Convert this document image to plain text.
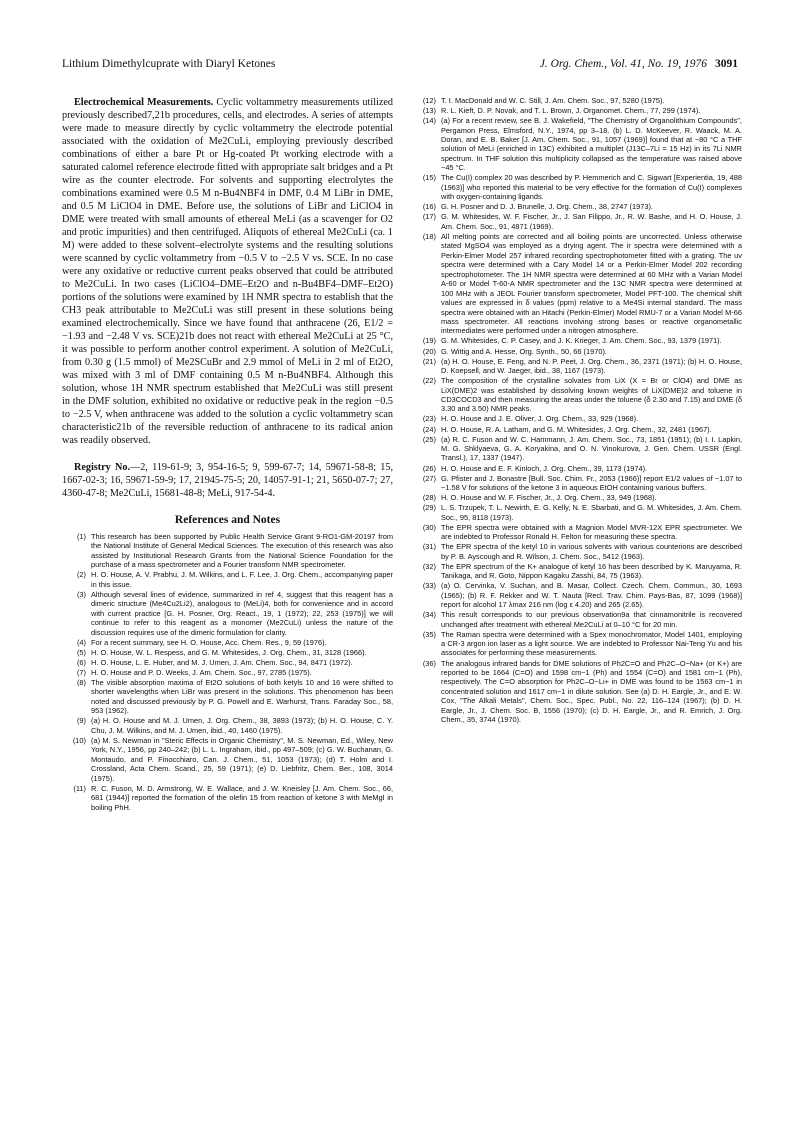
Lithium Dimethylcuprate with Diaryl Ketones	J. Org. Chem., Vol. 41, No. 19, 1976 3091

Electrochemical Measurements. Cyclic voltammetry measurements utilized previously described7,21b procedures, cells, and electrodes. A series of attempts were made to measure directly by cyclic voltammetry the electrode potential associated with the oxidation of Me2CuLi, employing previously described combinations of either a bare Pt or Hg-coated Pt working electrode with a saturated calomel reference electrode fitted with appropriate salt bridges and a Pt wire as the counter electrode. For solvents and supporting electrolytes the combinations examined were 0.5 M n-Bu4NBF4 in DMF, 0.4 M LiBr in DME, and 0.5 M LiClO4 in DME. Before use, the solutions of LiBr and LiClO4 in DME were treated with small amounts of ethereal MeLi (as a scavenger for O2 and protic impurities) and then centrifuged. Aliquots of ethereal Me2CuLi (ca. 1 M) were added to these solvent–electrolyte systems and the resulting solutions were scanned by cyclic voltammetry from −0.5 V to −2.5 V vs. SCE. In no case were any oxidative or reductive current peaks observed that could be attributed to Me2CuLi. In two cases (LiClO4–DME–Et2O and n-Bu4BF4–DMF–Et2O) portions of the solutions were examined by 1H NMR spectra to establish that the CH3 peak attributable to Me2CuLi was still present in these solutions being examined electrochemically. Since we have found that anthracene (26, E1/2 = −1.93 and −2.48 V vs. SCE)21b does not react with ethereal Me2CuLi at 25 °C, it was possible to perform another control experiment. A solution of Me2CuLi, from 0.30 g (1.5 mmol) of Me2SCuBr and 2.9 mmol of MeLi in 2 ml of Et2O, was mixed with 3 ml of DMF containing 0.5 M n-Bu4NBF4. Although this solution, whose 1H NMR spectrum established that Me2CuLi was still present in the DMF solution, exhibited no oxidative or reductive peak in the region −0.5 to −2.5 V, when anthracene was added to the solution a cyclic voltammetry scan characteristic21b of the reversible reduction of anthracene to its radical anion was readily observed.

Registry No.—2, 119-61-9; 3, 954-16-5; 9, 599-67-7; 14, 59671-58-8; 15, 1667-02-3; 16, 59671-59-9; 17, 21945-75-5; 20, 14057-91-1; 21, 5650-07-7; 27, 4360-47-8; Me2CuLi, 15681-48-8; MeLi, 917-54-4.

References and Notes
(1) This research has been supported by Public Health Service Grant 9-RO1-GM-20197 from the National Institute of General Medical Sciences. The execution of this research was also assisted by Institutional Research Grants from the National Science Foundation for the purchase of a mass spectrometer and a Fourier transform NMR spectrometer.
(2) H. O. House, A. V. Prabhu, J. M. Wilkins, and L. F. Lee, J. Org. Chem., accompanying paper in this issue.
(3) Although several lines of evidence, summarized in ref 4, suggest that this reagent has a dimeric structure (Me4Cu2Li2), analogous to (MeLi)4, both for convenience and in accord with current practice [G. H. Posner, Org. React., 19, 1 (1972); 22, 253 (1975)] we will continue to refer to this reagent as a monomer (Me2CuLi) unless the nature of the discussion requires use of the dimeric formulation for clarity.
(4) For a recent summary, see H. O. House, Acc. Chem. Res., 9, 59 (1976).
(5) H. O. House, W. L. Respess, and G. M. Whitesides, J. Org. Chem., 31, 3128 (1966).
(6) H. O. House, L. E. Huber, and M. J. Umen, J. Am. Chem. Soc., 94, 8471 (1972).
(7) H. O. House and P. D. Weeks, J. Am. Chem. Soc., 97, 2785 (1975).
(8) The visible absorption maxima of Et2O solutions of both ketyls 10 and 16 were shifted to shorter wavelengths when LiBr was present in the solutions. This phenomenon has been noted and discussed previously by P. G. Powell and E. Warhurst, Trans. Faraday Soc., 58, 953 (1962).
(9) (a) H. O. House and M. J. Umen, J. Org. Chem., 38, 3893 (1973); (b) H. O. House, C. Y. Chu, J. M. Wilkins, and M. J. Umen, ibid., 40, 1460 (1975).
(10) (a) M. S. Newman in "Steric Effects in Organic Chemistry", M. S. Newman, Ed., Wiley, New York, N.Y., 1956, pp 240–242; (b) L. L. Ingraham, ibid., pp 497–509; (c) G. W. Buchanan, G. Montaudo, and P. Finocchiaro, Can. J. Chem., 51, 1053 (1973); (d) T. Holm and I. Crossland, Acta Chem. Scand., 25, 59 (1971); (e) D. Liebfritz, Chem. Ber., 108, 3014 (1975).
(11) R. C. Fuson, M. D. Armstrong, W. E. Wallace, and J. W. Kneisley [J. Am. Chem. Soc., 66, 681 (1944)] reported the formation of the olefin 15 from reaction of ketone 3 with MeMgI in boiling PhH.
(12) T. I. MacDonald and W. C. Still, J. Am. Chem. Soc., 97, 5280 (1975).
(13) R. L. Kieft, D. P. Novak, and T. L. Brown, J. Organomet. Chem., 77, 299 (1974).
(14) (a) For a recent review, see B. J. Wakefield, "The Chemistry of Organolithium Compounds", Pergamon Press, Elmsford, N.Y., 1974, pp 3–18. (b) L. D. McKeever, R. Waack, M. A. Doran, and E. B. Baker [J. Am. Chem. Soc., 91, 1057 (1969)] found that at −80 °C a THF solution of MeLi (enriched in 13C) exhibited a multiplet (J13C–7Li = 15 Hz) in its 7Li NMR spectrum. In THF solution this multiplicity collapsed as the temperature was raised above −45 °C.
(15) The Cu(I) complex 20 was described by P. Hemmerich and C. Sigwart [Experientia, 19, 488 (1963)] who reported this material to be very effective for the formation of Cu(I) complexes with oxygen-containing ligands.
(16) G. H. Posner and D. J. Brunelle, J. Org. Chem., 38, 2747 (1973).
(17) G. M. Whitesides, W. F. Fischer, Jr., J. San Filippo, Jr., R. W. Bashe, and H. O. House, J. Am. Chem. Soc., 91, 4871 (1969).
(18) All melting points are corrected and all boiling points are uncorrected. Unless otherwise stated MgSO4 was employed as a drying agent. The ir spectra were determined with a Perkin-Elmer Model 257 infrared recording spectrophotometer fitted with a grating. The uv spectra were determined with a Cary Model 14 or a Perkin-Elmer Model 202 recording spectrophotometer. The 1H NMR spectra were determined at 60 MHz with a Varian Model A-60 or Model T-60-A NMR spectrometer and the 13C NMR spectra were determined at 100 MHz with a JEOL Fourier transform spectrometer, Model PFT-100. The chemical shift values are expressed in δ values (ppm) relative to a Me4Si internal standard. The mass spectra were obtained with an Hitachi (Perkin-Elmer) Model RMU-7 or a Varian Model M-66 mass spectrometer. All reactions involving strong bases or reactive organometallic intermediates were performed under a nitrogen atmosphere.
(19) G. M. Whitesides, C. P. Casey, and J. K. Krieger, J. Am. Chem. Soc., 93, 1379 (1971).
(20) G. Wittig and A. Hesse, Org. Synth., 50, 66 (1970).
(21) (a) H. O. House, E. Feng, and N. P. Peet, J. Org. Chem., 36, 2371 (1971); (b) H. O. House, D. Koepsell, and W. Jaeger, ibid., 38, 1167 (1973).
(22) The composition of the crystalline solvates from LiX (X = Br or ClO4) and DME as LiX(DME)2 was established by dissolving known weights of LiX(DME)2 and toluene in CD3COCD3 and then measuring the areas under the toluene (δ 2.30 and 7.15) and DME (δ 3.30 and 3.50) NMR peaks.
(23) H. O. House and J. E. Oliver, J. Org. Chem., 33, 929 (1968).
(24) H. O. House, R. A. Latham, and G. M. Whitesides, J. Org. Chem., 32, 2481 (1967).
(25) (a) R. C. Fuson and W. C. Hammann, J. Am. Chem. Soc., 73, 1851 (1951); (b) I. I. Lapkin, M. G. Shklyaeva, G. A. Koryakina, and O. N. Vinokurova, J. Gen. Chem. USSR (Engl. Transl.), 17, 1337 (1947).
(26) H. O. House and E. F. Kinloch, J. Org. Chem., 39, 1173 (1974).
(27) G. Pfister and J. Bonastre [Bull. Soc. Chim. Fr., 2053 (1966)] report E1/2 values of −1.07 to −1.58 V for solutions of the ketone 3 in aqueous EtOH containing various buffers.
(28) H. O. House and W. F. Fischer, Jr., J. Org. Chem., 33, 949 (1968).
(29) L. S. Trzupek, T. L. Newirth, E. G. Kelly, N. E. Sbarbati, and G. M. Whitesides, J. Am. Chem. Soc., 95, 8118 (1973).
(30) The EPR spectra were obtained with a Magnion Model MVR-12X EPR spectrometer. We are indebted to Professor Ronald H. Felton for measuring these spectra.
(31) The EPR spectra of the ketyl 10 in various solvents with various counterions are described by P. B. Ayscough and R. Wilson, J. Chem. Soc., 5412 (1963).
(32) The EPR spectrum of the K+ analogue of ketyl 16 has been described by K. Maruyama, R. Tanikaga, and R. Goto, Nippon Kagaku Zasshi, 84, 75 (1963).
(33) (a) O. Cervinka, V. Suchan, and B. Masar, Collect. Czech. Chem. Commun., 30, 1693 (1965); (b) R. F. Rekker and W. T. Nauta [Recl. Trav. Chim. Pays-Bas, 87, 1099 (1968)] report for alcohol 17 λmax 216 nm (log ε 4.20) and 265 (2.65).
(34) This result corresponds to our previous observation9a that cinnamonitrile is recovered unchanged after treatment with ethereal Me2CuLi at 0–10 °C for 20 min.
(35) The Raman spectra were determined with a Spex monochromator, Model 1401, employing a CR-3 argon ion laser as a light source. We are indebted to Professor Nai-Teng Yu and his associates for performing these measurements.
(36) The analogous infrared bands for DME solutions of Ph2C=O and Ph2C–O−Na+ (or K+) are reported to be 1664 (C=O) and 1598 cm−1 (Ph) and 1554 (C=O) and 1581 cm−1 (Ph), respectively. The C=O absorption for Ph2C–O−Li+ in DME was found to be 1563 cm−1 in concentrated solution and 1617 cm−1 in dilute solution. See (a) D. H. Eargle, Jr., and E. W. Cox, "The Alkali Metals", Chem. Soc., Spec. Publ., No. 22, 116–124 (1967); (b) D. H. Eargle, Jr., J. Chem. Soc. B, 1556 (1970); (c) D. H. Eargle, Jr., and R. Emrich, J. Org. Chem., 35, 3744 (1970).
